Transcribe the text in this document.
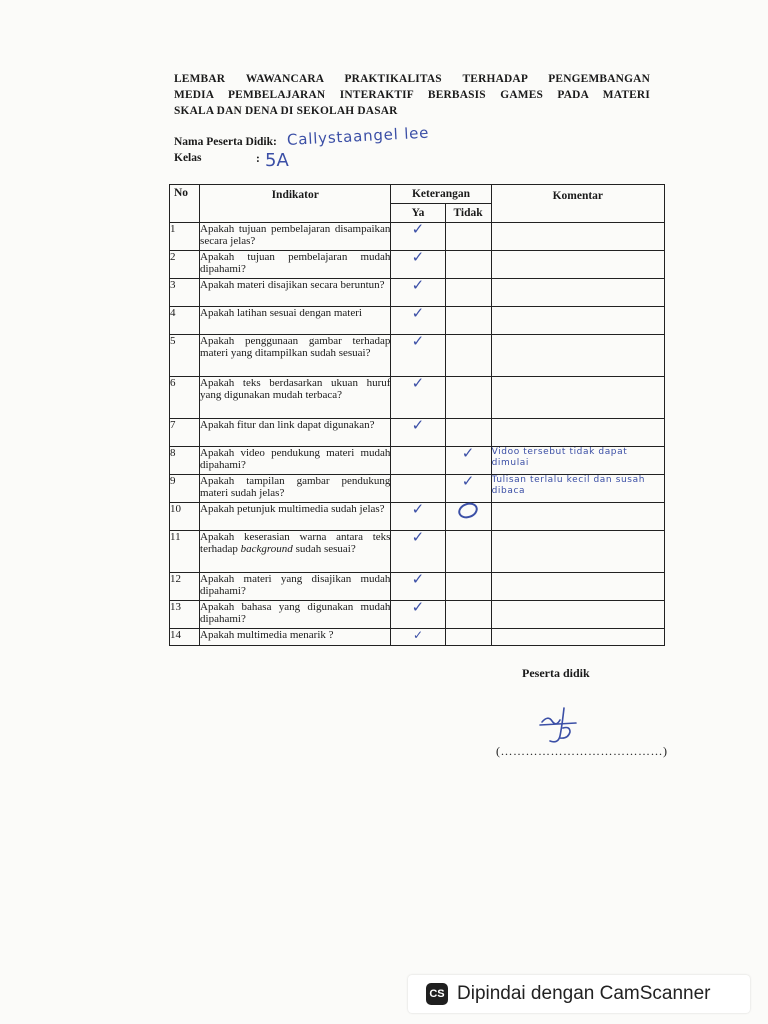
LEMBAR WAWANCARA PRAKTIKALITAS TERHADAP PENGEMBANGAN
MEDIA PEMBELAJARAN INTERAKTIF BERBASIS GAMES PADA MATERI
SKALA DAN DENA DI SEKOLAH DASAR
Nama Peserta Didik: Callystaangel lee
Kelas	: 5A
No	Indikator	Keterangan		Komentar
		Ya	Tidak	
1	Apakah tujuan pembelajaran disampaikan secara jelas?	✓		
2	Apakah tujuan pembelajaran mudah dipahami?	✓		
3	Apakah materi disajikan secara beruntun?	✓		
4	Apakah latihan sesuai dengan materi	✓		
5	Apakah penggunaan gambar terhadap materi yang ditampilkan sudah sesuai?	✓		
6	Apakah teks berdasarkan ukuan huruf yang digunakan mudah terbaca?	✓		
7	Apakah fitur dan link dapat digunakan?	✓		
8	Apakah video pendukung materi mudah dipahami?		✓	Vidoo tersebut tidak dapat dimulai
9	Apakah tampilan gambar pendukung materi sudah jelas?		✓	Tulisan terlalu kecil dan susah dibaca
10	Apakah petunjuk multimedia sudah jelas?	✓		
11	Apakah keserasian warna antara teks terhadap background sudah sesuai?	✓		
12	Apakah materi yang disajikan mudah dipahami?	✓		
13	Apakah bahasa yang digunakan mudah dipahami?	✓		
14	Apakah multimedia menarik ?	✓		
Peserta didik
(…………………………………)
CS Dipindai dengan CamScanner
